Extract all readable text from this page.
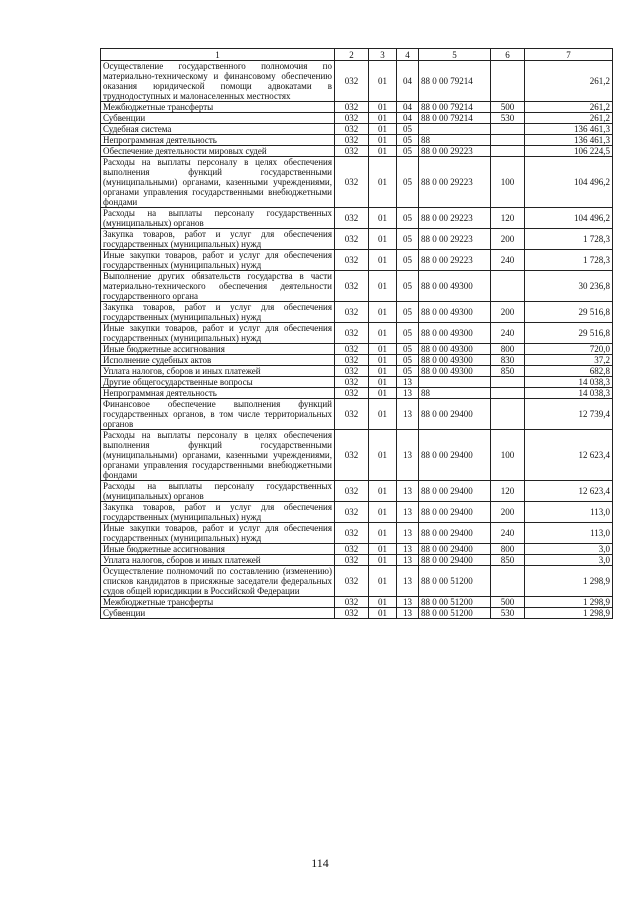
1	2	3	4	5	6	7
Осуществление государственного полномочия по материально-техническому и финансовому обеспечению оказания юридической помощи адвокатами в труднодоступных и малонаселенных местностях	032	01	04	88 0 00 79214		261,2
Межбюджетные трансферты	032	01	04	88 0 00 79214	500	261,2
Субвенции	032	01	04	88 0 00 79214	530	261,2
Судебная система	032	01	05			136 461,3
Непрограммная деятельность	032	01	05	88		136 461,3
Обеспечение деятельности мировых судей	032	01	05	88 0 00 29223		106 224,5
Расходы на выплаты персоналу в целях обеспечения выполнения функций государственными (муниципальными) органами, казенными учреждениями, органами управления государственными внебюджетными фондами	032	01	05	88 0 00 29223	100	104 496,2
Расходы на выплаты персоналу государственных (муниципальных) органов	032	01	05	88 0 00 29223	120	104 496,2
Закупка товаров, работ и услуг для обеспечения государственных (муниципальных) нужд	032	01	05	88 0 00 29223	200	1 728,3
Иные закупки товаров, работ и услуг для обеспечения государственных (муниципальных) нужд	032	01	05	88 0 00 29223	240	1 728,3
Выполнение других обязательств государства в части материально-технического обеспечения деятельности государственного органа	032	01	05	88 0 00 49300		30 236,8
Закупка товаров, работ и услуг для обеспечения государственных (муниципальных) нужд	032	01	05	88 0 00 49300	200	29 516,8
Иные закупки товаров, работ и услуг для обеспечения государственных (муниципальных) нужд	032	01	05	88 0 00 49300	240	29 516,8
Иные бюджетные ассигнования	032	01	05	88 0 00 49300	800	720,0
Исполнение судебных актов	032	01	05	88 0 00 49300	830	37,2
Уплата налогов, сборов и иных платежей	032	01	05	88 0 00 49300	850	682,8
Другие общегосударственные вопросы	032	01	13			14 038,3
Непрограммная деятельность	032	01	13	88		14 038,3
Финансовое обеспечение выполнения функций государственных органов, в том числе территориальных органов	032	01	13	88 0 00 29400		12 739,4
Расходы на выплаты персоналу в целях обеспечения выполнения функций государственными (муниципальными) органами, казенными учреждениями, органами управления государственными внебюджетными фондами	032	01	13	88 0 00 29400	100	12 623,4
Расходы на выплаты персоналу государственных (муниципальных) органов	032	01	13	88 0 00 29400	120	12 623,4
Закупка товаров, работ и услуг для обеспечения государственных (муниципальных) нужд	032	01	13	88 0 00 29400	200	113,0
Иные закупки товаров, работ и услуг для обеспечения государственных (муниципальных) нужд	032	01	13	88 0 00 29400	240	113,0
Иные бюджетные ассигнования	032	01	13	88 0 00 29400	800	3,0
Уплата налогов, сборов и иных платежей	032	01	13	88 0 00 29400	850	3,0
Осуществление полномочий по составлению (изменению) списков кандидатов в присяжные заседатели федеральных судов общей юрисдикции в Российской Федерации	032	01	13	88 0 00 51200		1 298,9
Межбюджетные трансферты	032	01	13	88 0 00 51200	500	1 298,9
Субвенции	032	01	13	88 0 00 51200	530	1 298,9
114
